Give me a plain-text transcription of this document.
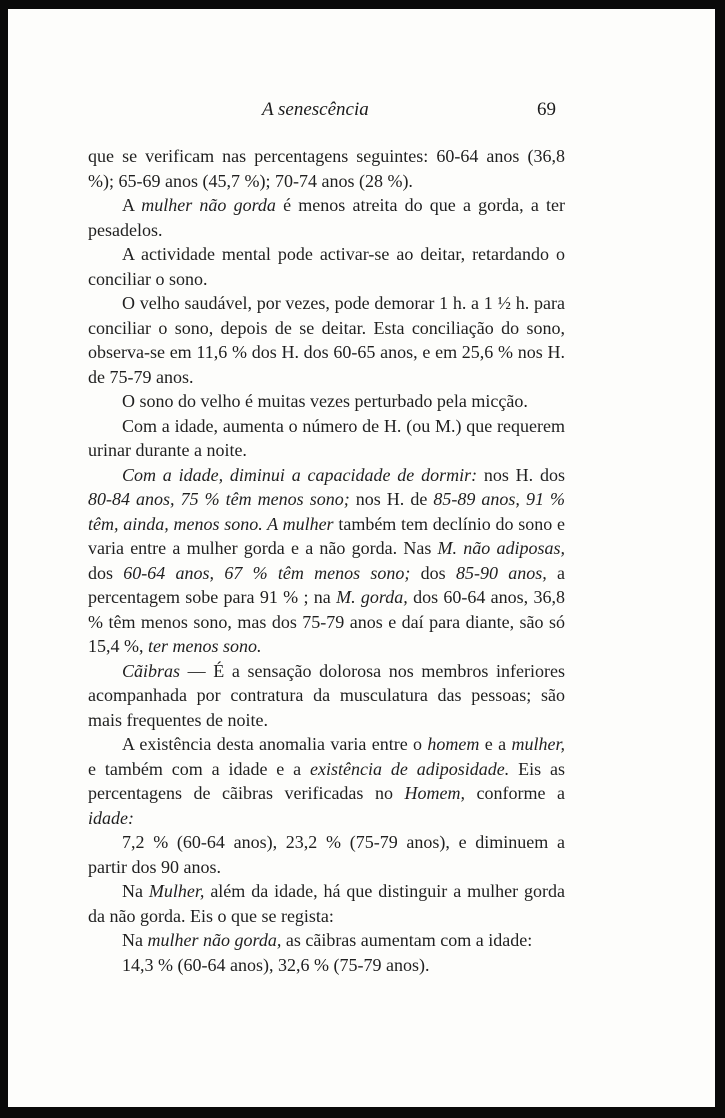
A senescência	69

que se verificam nas percentagens seguintes: 60-64 anos (36,8 %); 65-69 anos (45,7 %); 70-74 anos (28 %).

A mulher não gorda é menos atreita do que a gorda, a ter pesadelos.

A actividade mental pode activar-se ao deitar, retardando o conciliar o sono.

O velho saudável, por vezes, pode demorar 1 h. a 1 ½ h. para conciliar o sono, depois de se deitar. Esta conciliação do sono, observa-se em 11,6 % dos H. dos 60-65 anos, e em 25,6 % nos H. de 75-79 anos.

O sono do velho é muitas vezes perturbado pela micção.

Com a idade, aumenta o número de H. (ou M.) que requerem urinar durante a noite.

Com a idade, diminui a capacidade de dormir: nos H. dos 80-84 anos, 75 % têm menos sono; nos H. de 85-89 anos, 91 % têm, ainda, menos sono. A mulher também tem declínio do sono e varia entre a mulher gorda e a não gorda. Nas M. não adiposas, dos 60-64 anos, 67 % têm menos sono; dos 85-90 anos, a percentagem sobe para 91 % ; na M. gorda, dos 60-64 anos, 36,8 % têm menos sono, mas dos 75-79 anos e daí para diante, são só 15,4 %, ter menos sono.

Cãibras — É a sensação dolorosa nos membros inferiores acompanhada por contratura da musculatura das pessoas; são mais frequentes de noite.

A existência desta anomalia varia entre o homem e a mulher, e também com a idade e a existência de adiposidade. Eis as percentagens de cãibras verificadas no Homem, conforme a idade:

7,2 % (60-64 anos), 23,2 % (75-79 anos), e diminuem a partir dos 90 anos.

Na Mulher, além da idade, há que distinguir a mulher gorda da não gorda. Eis o que se regista:

Na mulher não gorda, as cãibras aumentam com a idade:

14,3 % (60-64 anos), 32,6 % (75-79 anos).
